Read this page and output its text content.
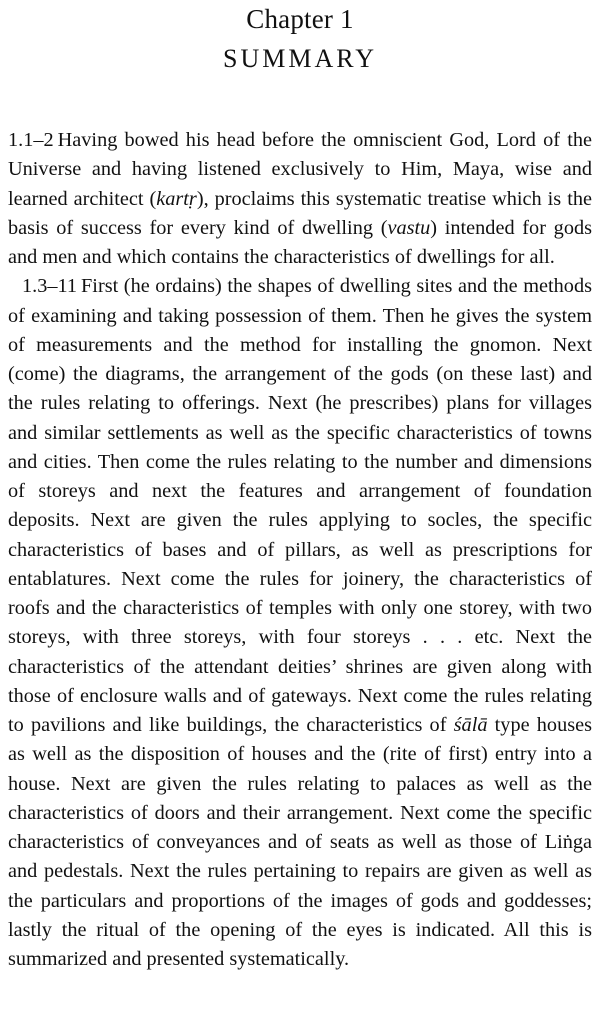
Chapter 1
SUMMARY

1.1–2 Having bowed his head before the omniscient God, Lord of the Universe and having listened exclusively to Him, Maya, wise and learned architect (kartṛ), proclaims this systematic treatise which is the basis of success for every kind of dwelling (vastu) intended for gods and men and which contains the characteristics of dwellings for all.

1.3–11 First (he ordains) the shapes of dwelling sites and the methods of examining and taking possession of them. Then he gives the system of measurements and the method for installing the gnomon. Next (come) the diagrams, the arrangement of the gods (on these last) and the rules relating to offerings. Next (he prescribes) plans for villages and similar settlements as well as the specific characteristics of towns and cities. Then come the rules relating to the number and dimensions of storeys and next the features and arrangement of foundation deposits. Next are given the rules applying to socles, the specific characteristics of bases and of pillars, as well as prescriptions for entablatures. Next come the rules for joinery, the characteristics of roofs and the characteristics of temples with only one storey, with two storeys, with three storeys, with four storeys . . . etc. Next the characteristics of the attendant deities’ shrines are given along with those of enclosure walls and of gateways. Next come the rules relating to pavilions and like buildings, the characteristics of śālā type houses as well as the disposition of houses and the (rite of first) entry into a house. Next are given the rules relating to palaces as well as the characteristics of doors and their arrangement. Next come the specific characteristics of conveyances and of seats as well as those of Liṅga and pedestals. Next the rules pertaining to repairs are given as well as the particulars and proportions of the images of gods and goddesses; lastly the ritual of the opening of the eyes is indicated. All this is summarized and presented systematically.
